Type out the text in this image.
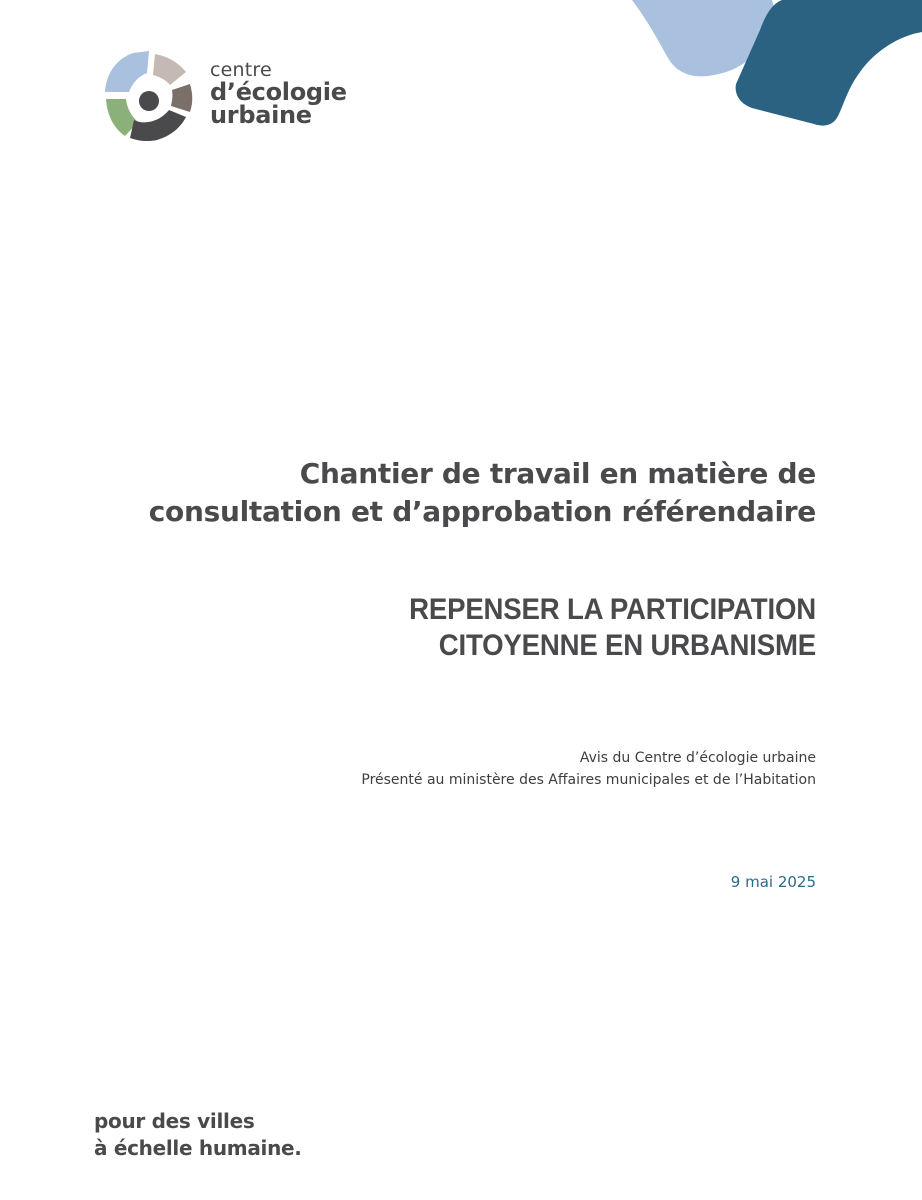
centre
d’écologie
urbaine
Chantier de travail en matière de
consultation et d’approbation référendaire
REPENSER LA PARTICIPATION
CITOYENNE EN URBANISME
Avis du Centre d’écologie urbaine
Présenté au ministère des Affaires municipales et de l’Habitation
9 mai 2025
pour des villes
à échelle humaine.
